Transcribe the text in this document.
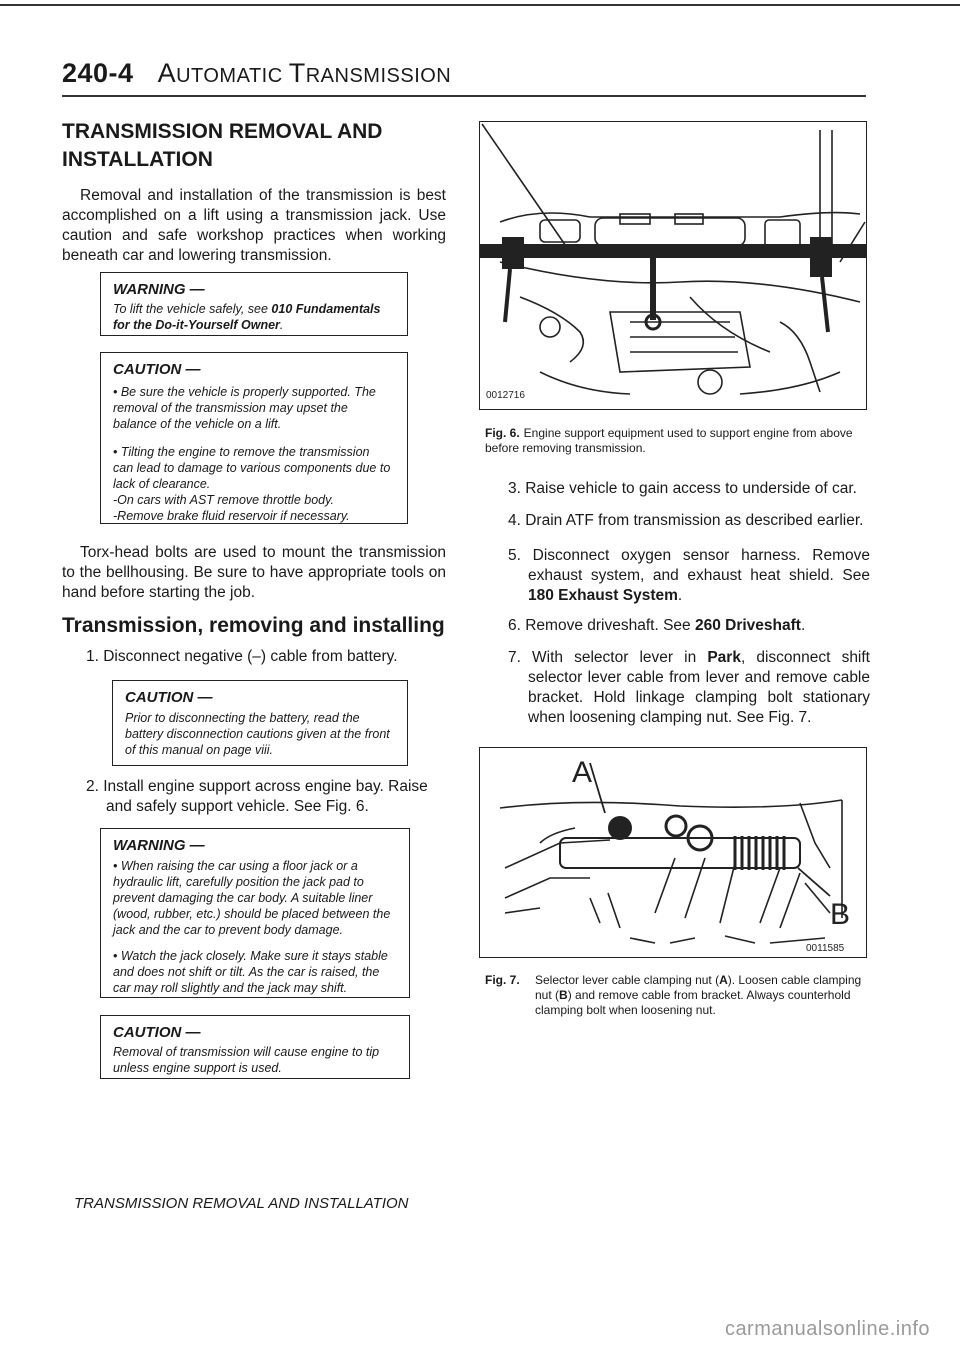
240-4 AUTOMATIC TRANSMISSION
TRANSMISSION REMOVAL AND
INSTALLATION
Removal and installation of the transmission is best accomplished on a lift using a transmission jack. Use caution and safe workshop practices when working beneath car and lowering transmission.
WARNING —
To lift the vehicle safely, see 010 Fundamentals for the Do-it-Yourself Owner.
CAUTION —
• Be sure the vehicle is properly supported. The removal of the transmission may upset the balance of the vehicle on a lift.
• Tilting the engine to remove the transmission can lead to damage to various components due to lack of clearance.
-On cars with AST remove throttle body.
-Remove brake fluid reservoir if necessary.
Torx-head bolts are used to mount the transmission to the bellhousing. Be sure to have appropriate tools on hand before starting the job.
Transmission, removing and installing
1. Disconnect negative (–) cable from battery.
CAUTION —
Prior to disconnecting the battery, read the battery disconnection cautions given at the front of this manual on page viii.
2. Install engine support across engine bay. Raise and safely support vehicle. See Fig. 6.
WARNING —
• When raising the car using a floor jack or a hydraulic lift, carefully position the jack pad to prevent damaging the car body. A suitable liner (wood, rubber, etc.) should be placed between the jack and the car to prevent body damage.
• Watch the jack closely. Make sure it stays stable and does not shift or tilt. As the car is raised, the car may roll slightly and the jack may shift.
CAUTION —
Removal of transmission will cause engine to tip unless engine support is used.
0012716
Fig. 6. Engine support equipment used to support engine from above before removing transmission.
3. Raise vehicle to gain access to underside of car.
4. Drain ATF from transmission as described earlier.
5. Disconnect oxygen sensor harness. Remove exhaust system, and exhaust heat shield. See 180 Exhaust System.
6. Remove driveshaft. See 260 Driveshaft.
7. With selector lever in Park, disconnect shift selector lever cable from lever and remove cable bracket. Hold linkage clamping bolt stationary when loosening clamping nut. See Fig. 7.
A
B
0011585
Fig. 7.	Selector lever cable clamping nut (A). Loosen cable clamping nut (B) and remove cable from bracket. Always counterhold clamping bolt when loosening nut.
TRANSMISSION REMOVAL AND INSTALLATION
carmanualsonline.info
